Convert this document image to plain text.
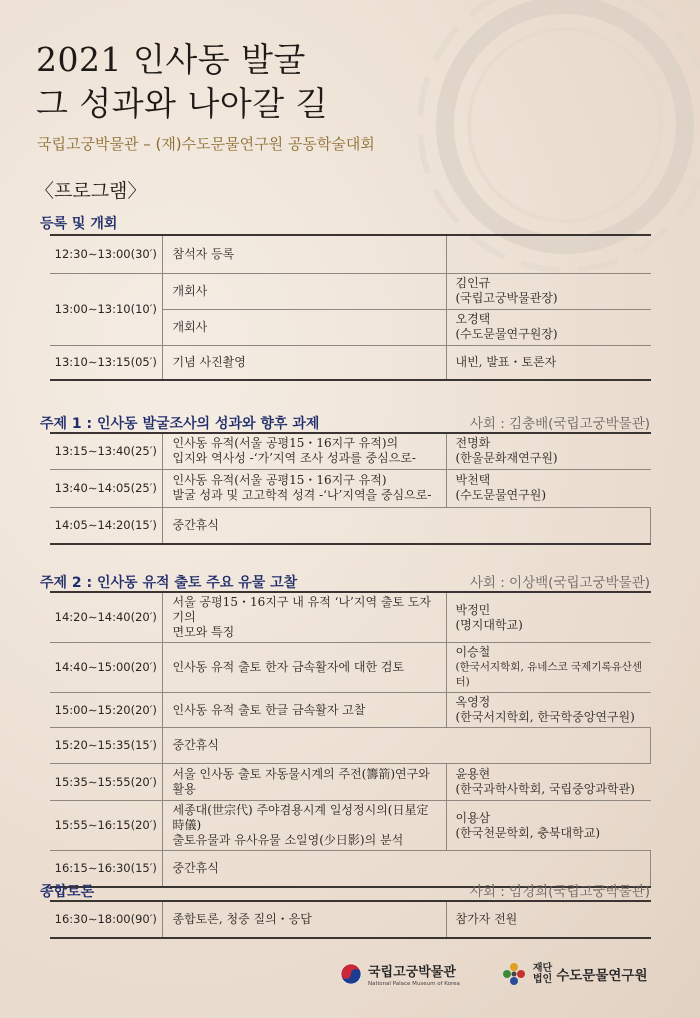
2021 인사동 발굴
그 성과와 나아갈 길
국립고궁박물관 – (재)수도문물연구원 공동학술대회
〈프로그램〉
등록 및 개회
12:30∼13:00(30′)	참석자 등록	

13:00∼13:10(10′)	개회사	김인규
(국립고궁박물관장)

	개회사	오경택
(수도문물연구원장)

13:10∼13:15(05′)	기념 사진촬영	내빈, 발표・토론자
주제 1 : 인사동 발굴조사의 성과와 향후 과제	사회 : 김충배(국립고궁박물관)
13:15∼13:40(25′)	인사동 유적(서울 공평15・16지구 유적)의
입지와 역사성 -‘가’지역 조사 성과를 중심으로-	전명화
(한울문화재연구원)

13:40∼14:05(25′)	인사동 유적(서울 공평15・16지구 유적)
발굴 성과 및 고고학적 성격 -‘나’지역을 중심으로-	박천택
(수도문물연구원)

14:05∼14:20(15′)	중간휴식	
주제 2 : 인사동 유적 출토 주요 유물 고찰	사회 : 이상백(국립고궁박물관)
14:20∼14:40(20′)	서울 공평15・16지구 내 유적 ‘나’지역 출토 도자기의
면모와 특징	박정민
(명지대학교)

14:40∼15:00(20′)	인사동 유적 출토 한자 금속활자에 대한 검토	이승철
(한국서지학회, 유네스코 국제기록유산센터)

15:00∼15:20(20′)	인사동 유적 출토 한글 금속활자 고찰	옥영정
(한국서지학회, 한국학중앙연구원)

15:20∼15:35(15′)	중간휴식	

15:35∼15:55(20′)	서울 인사동 출토 자동물시계의 주전(籌箭)연구와 활용	윤용현
(한국과학사학회, 국립중앙과학관)

15:55∼16:15(20′)	세종대(世宗代) 주야겸용시계 일성정시의(日星定時儀)
출토유물과 유사유물 소일영(少日影)의 분석	이용삼
(한국천문학회, 충북대학교)

16:15∼16:30(15′)	중간휴식	
종합토론	사회 : 임경희(국립고궁박물관)
16:30∼18:00(90′)	종합토론, 청중 질의・응답	참가자 전원
국립고궁박물관
National Palace Museum of Korea
재단
법인 수도문물연구원
